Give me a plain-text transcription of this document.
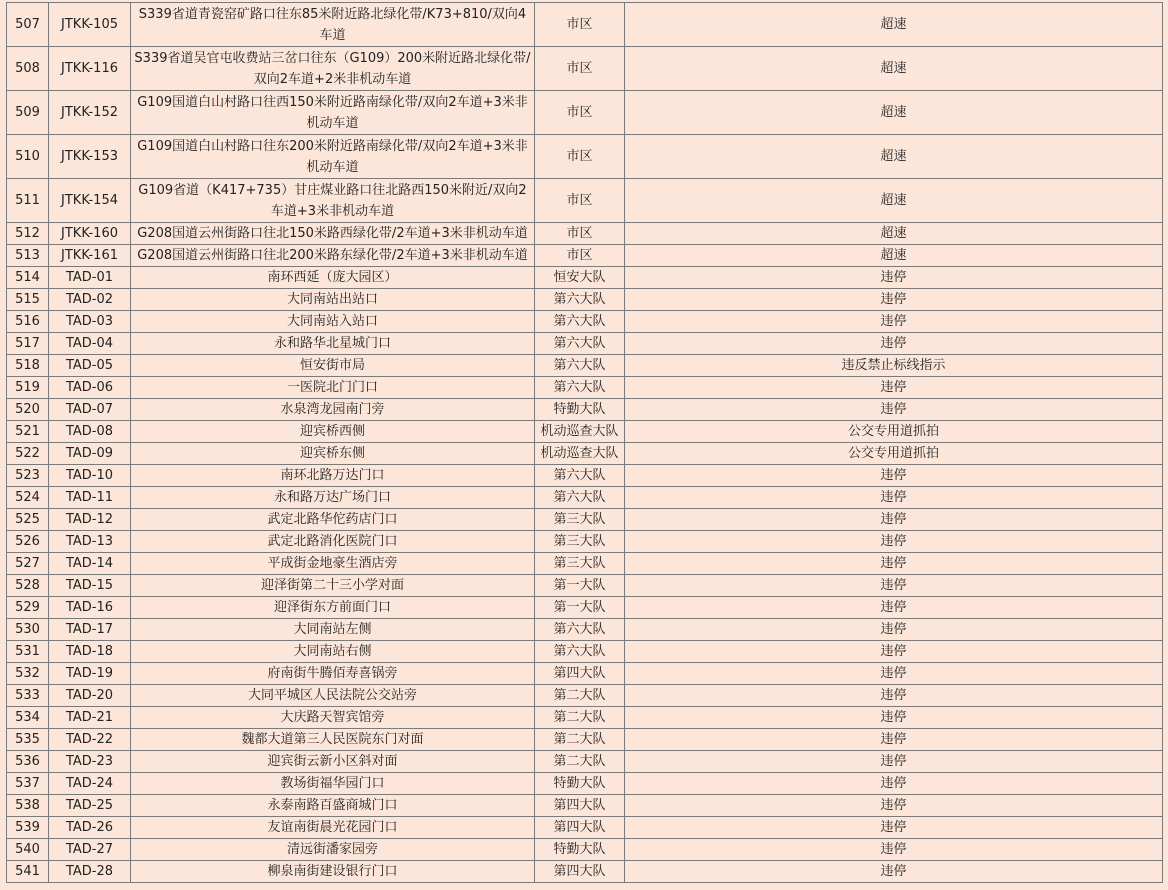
507	JTKK-105	S339省道青瓷窑矿路口往东85米附近路北绿化带/K73+810/双向4车道	市区	超速
508	JTKK-116	S339省道吴官屯收费站三岔口往东（G109）200米附近路北绿化带/双向2车道+2米非机动车道	市区	超速
509	JTKK-152	G109国道白山村路口往西150米附近路南绿化带/双向2车道+3米非机动车道	市区	超速
510	JTKK-153	G109国道白山村路口往东200米附近路南绿化带/双向2车道+3米非机动车道	市区	超速
511	JTKK-154	G109省道（K417+735）甘庄煤业路口往北路西150米附近/双向2车道+3米非机动车道	市区	超速
512	JTKK-160	G208国道云州街路口往北150米路西绿化带/2车道+3米非机动车道	市区	超速
513	JTKK-161	G208国道云州街路口往北200米路东绿化带/2车道+3米非机动车道	市区	超速
514	TAD-01	南环西延（庞大园区）	恒安大队	违停
515	TAD-02	大同南站出站口	第六大队	违停
516	TAD-03	大同南站入站口	第六大队	违停
517	TAD-04	永和路华北星城门口	第六大队	违停
518	TAD-05	恒安街市局	第六大队	违反禁止标线指示
519	TAD-06	一医院北门门口	第六大队	违停
520	TAD-07	水泉湾龙园南门旁	特勤大队	违停
521	TAD-08	迎宾桥西侧	机动巡查大队	公交专用道抓拍
522	TAD-09	迎宾桥东侧	机动巡查大队	公交专用道抓拍
523	TAD-10	南环北路万达门口	第六大队	违停
524	TAD-11	永和路万达广场门口	第六大队	违停
525	TAD-12	武定北路华佗药店门口	第三大队	违停
526	TAD-13	武定北路消化医院门口	第三大队	违停
527	TAD-14	平成街金地豪生酒店旁	第三大队	违停
528	TAD-15	迎泽街第二十三小学对面	第一大队	违停
529	TAD-16	迎泽街东方前面门口	第一大队	违停
530	TAD-17	大同南站左侧	第六大队	违停
531	TAD-18	大同南站右侧	第六大队	违停
532	TAD-19	府南街牛腾佰寿喜锅旁	第四大队	违停
533	TAD-20	大同平城区人民法院公交站旁	第二大队	违停
534	TAD-21	大庆路天智宾馆旁	第二大队	违停
535	TAD-22	魏都大道第三人民医院东门对面	第二大队	违停
536	TAD-23	迎宾街云新小区斜对面	第二大队	违停
537	TAD-24	教场街福华园门口	特勤大队	违停
538	TAD-25	永泰南路百盛商城门口	第四大队	违停
539	TAD-26	友谊南街晨光花园门口	第四大队	违停
540	TAD-27	清远街潘家园旁	特勤大队	违停
541	TAD-28	柳泉南街建设银行门口	第四大队	违停
